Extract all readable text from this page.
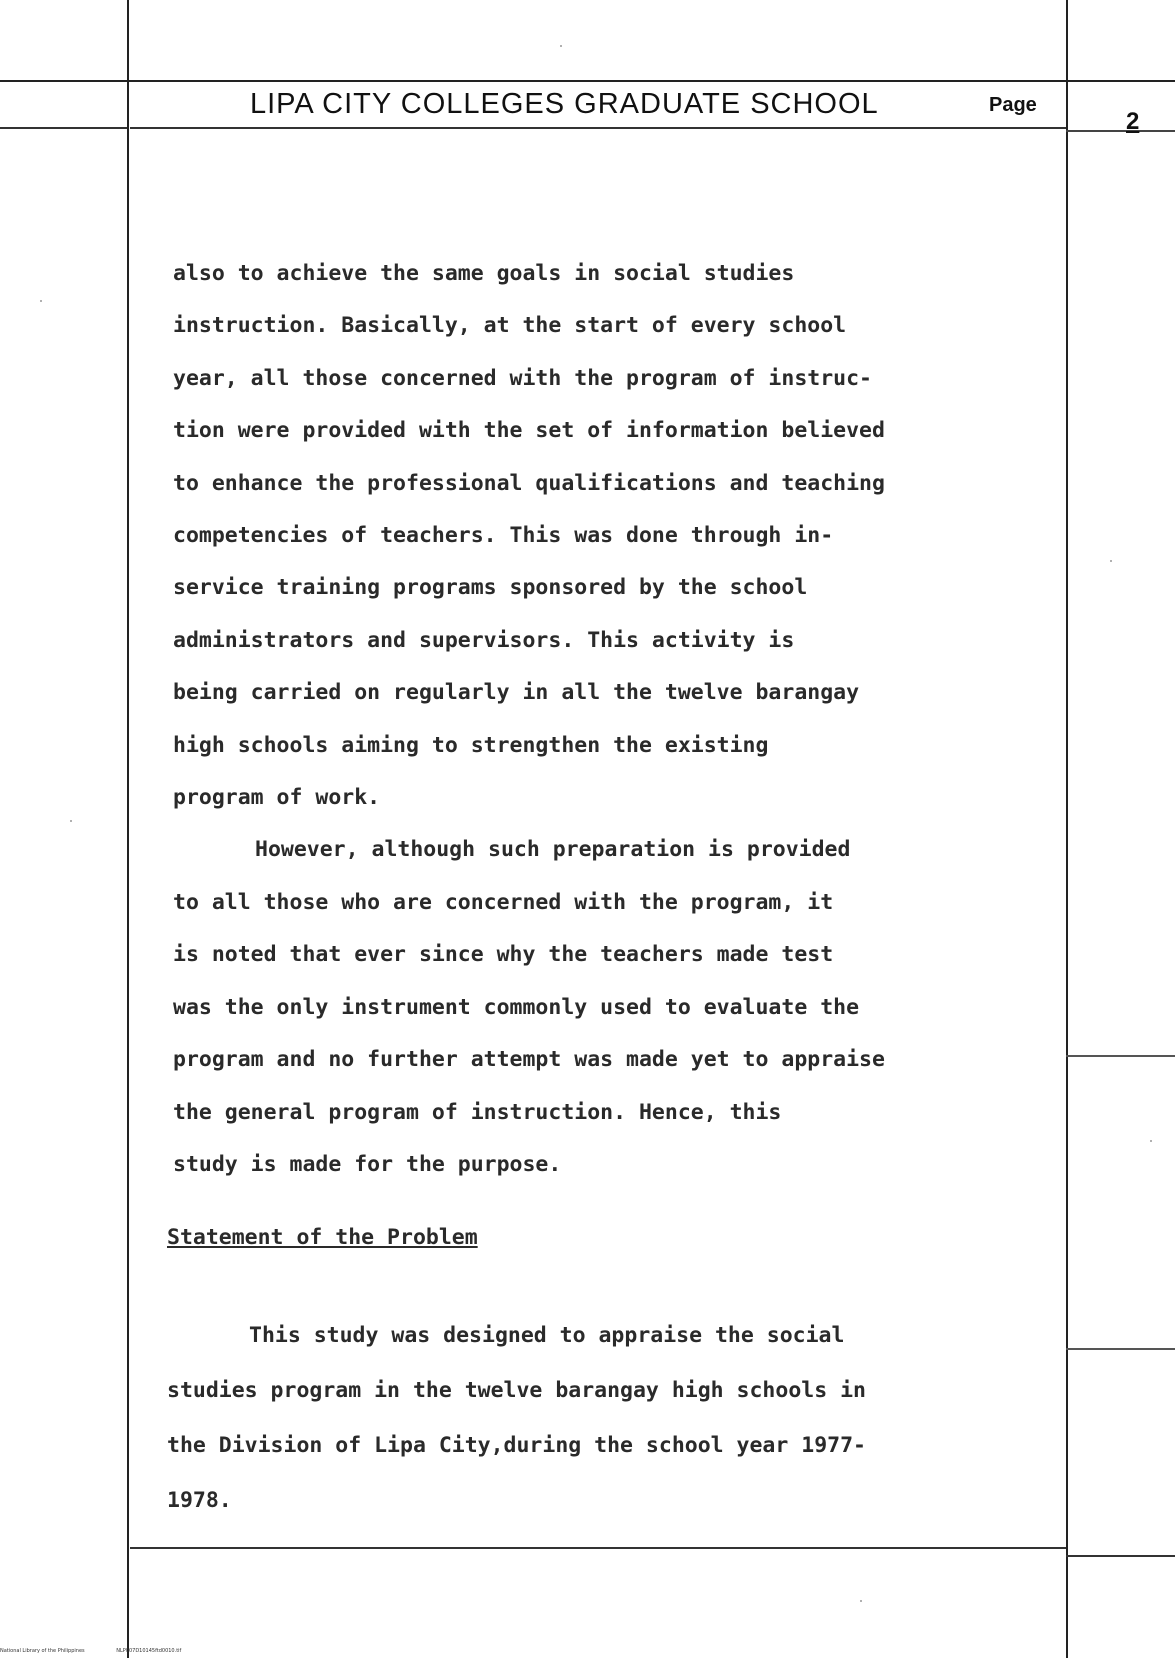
LIPA CITY COLLEGES GRADUATE SCHOOL	Page
2
also to achieve the same goals in social studies
instruction. Basically, at the start of every school
year, all those concerned with the program of instruc-
tion were provided with the set of information believed
to enhance the professional qualifications and teaching
competencies of teachers. This was done through in-
service training programs sponsored by the school
administrators and supervisors. This activity is
being carried on regularly in all the twelve barangay
high schools aiming to strengthen the existing
program of work.
However, although such preparation is provided
to all those who are concerned with the program, it
is noted that ever since why the teachers made test
was the only instrument commonly used to evaluate the
program and no further attempt was made yet to appraise
the general program of instruction. Hence, this
study is made for the purpose.
Statement of the Problem
This study was designed to appraise the social
studies program in the twelve barangay high schools in
the Division of Lipa City,during the school year 1977-
1978.
National Library of the Philippines	NLP007D10145ftd0010.tif
